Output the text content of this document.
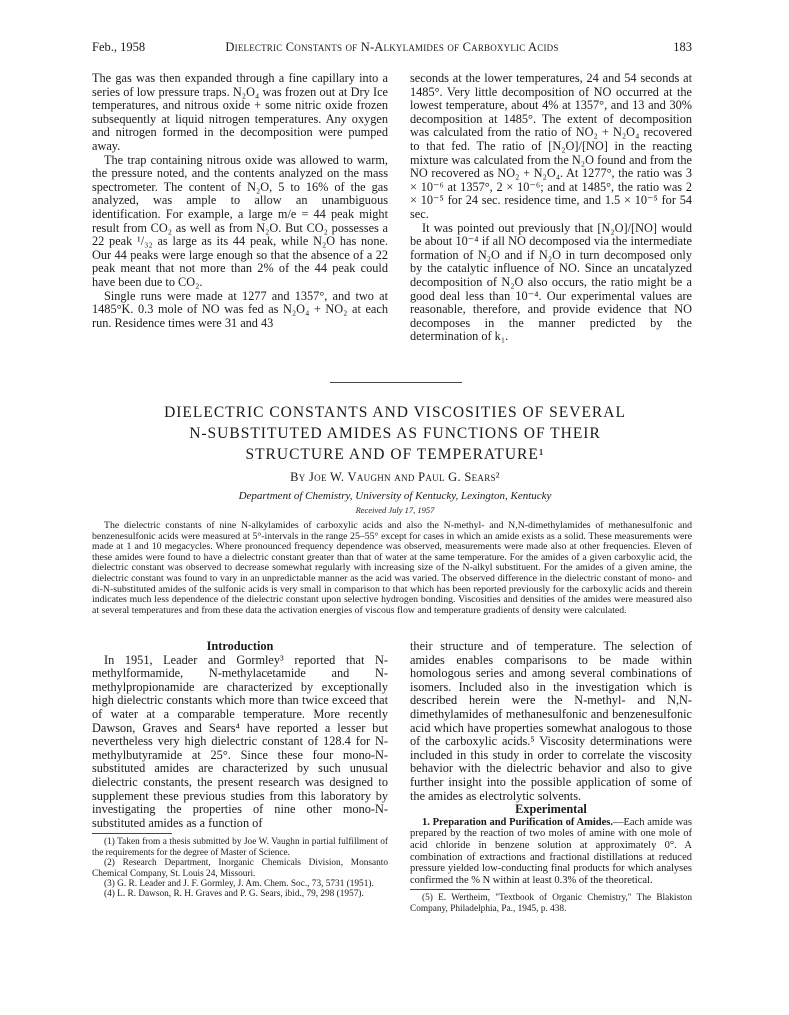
Feb., 1958	Dielectric Constants of N-Alkylamides of Carboxylic Acids	183

The gas was then expanded through a fine capillary into a series of low pressure traps. N₂O₄ was frozen out at Dry Ice temperatures, and nitrous oxide + some nitric oxide frozen subsequently at liquid nitrogen temperatures. Any oxygen and nitrogen formed in the decomposition were pumped away.

The trap containing nitrous oxide was allowed to warm, the pressure noted, and the contents analyzed on the mass spectrometer. The content of N₂O, 5 to 16% of the gas analyzed, was ample to allow an unambiguous identification. For example, a large m/e = 44 peak might result from CO₂ as well as from N₂O. But CO₂ possesses a 22 peak ¹/₃₂ as large as its 44 peak, while N₂O has none. Our 44 peaks were large enough so that the absence of a 22 peak meant that not more than 2% of the 44 peak could have been due to CO₂.

Single runs were made at 1277 and 1357°, and two at 1485°K. 0.3 mole of NO was fed as N₂O₄ + NO₂ at each run. Residence times were 31 and 43

seconds at the lower temperatures, 24 and 54 seconds at 1485°. Very little decomposition of NO occurred at the lowest temperature, about 4% at 1357°, and 13 and 30% decomposition at 1485°. The extent of decomposition was calculated from the ratio of NO₂ + N₂O₄ recovered to that fed. The ratio of [N₂O]/[NO] in the reacting mixture was calculated from the N₂O found and from the NO recovered as NO₂ + N₂O₄. At 1277°, the ratio was 3 × 10⁻⁶ at 1357°, 2 × 10⁻⁶; and at 1485°, the ratio was 2 × 10⁻⁵ for 24 sec. residence time, and 1.5 × 10⁻⁵ for 54 sec.

It was pointed out previously that [N₂O]/[NO] would be about 10⁻⁴ if all NO decomposed via the intermediate formation of N₂O and if N₂O in turn decomposed only by the catalytic influence of NO. Since an uncatalyzed decomposition of N₂O also occurs, the ratio might be a good deal less than 10⁻⁴. Our experimental values are reasonable, therefore, and provide evidence that NO decomposes in the manner predicted by the determination of k₁.

DIELECTRIC CONSTANTS AND VISCOSITIES OF SEVERAL
N-SUBSTITUTED AMIDES AS FUNCTIONS OF THEIR
STRUCTURE AND OF TEMPERATURE¹
By Joe W. Vaughn and Paul G. Sears²
Department of Chemistry, University of Kentucky, Lexington, Kentucky
Received July 17, 1957

The dielectric constants of nine N-alkylamides of carboxylic acids and also the N-methyl- and N,N-dimethylamides of methanesulfonic and benzenesulfonic acids were measured at 5°-intervals in the range 25–55° except for cases in which an amide exists as a solid. These measurements were made at 1 and 10 megacycles. Where pronounced frequency dependence was observed, measurements were made also at other frequencies. Eleven of these amides were found to have a dielectric constant greater than that of water at the same temperature. For the amides of a given carboxylic acid, the dielectric constant was observed to decrease somewhat regularly with increasing size of the N-alkyl substituent. For the amides of a given amine, the dielectric constant was found to vary in an unpredictable manner as the acid was varied. The observed difference in the dielectric constant of mono- and di-N-substituted amides of the sulfonic acids is very small in comparison to that which has been reported previously for the carboxylic acids and therein indicates much less dependence of the dielectric constant upon selective hydrogen bonding. Viscosities and densities of the amides were measured also at several temperatures and from these data the activation energies of viscous flow and temperature gradients of density were calculated.

Introduction

In 1951, Leader and Gormley³ reported that N-methylformamide, N-methylacetamide and N-methylpropionamide are characterized by exceptionally high dielectric constants which more than twice exceed that of water at a comparable temperature. More recently Dawson, Graves and Sears⁴ have reported a lesser but nevertheless very high dielectric constant of 128.4 for N-methylbutyramide at 25°. Since these four mono-N-substituted amides are characterized by such unusual dielectric constants, the present research was designed to supplement these previous studies from this laboratory by investigating the properties of nine other mono-N-substituted amides as a function of

(1) Taken from a thesis submitted by Joe W. Vaughn in partial fulfillment of the requirements for the degree of Master of Science.

(2) Research Department, Inorganic Chemicals Division, Monsanto Chemical Company, St. Louis 24, Missouri.

(3) G. R. Leader and J. F. Gormley, J. Am. Chem. Soc., 73, 5731 (1951).

(4) L. R. Dawson, R. H. Graves and P. G. Sears, ibid., 79, 298 (1957).

their structure and of temperature. The selection of amides enables comparisons to be made within homologous series and among several combinations of isomers. Included also in the investigation which is described herein were the N-methyl- and N,N-dimethylamides of methanesulfonic and benzenesulfonic acid which have properties somewhat analogous to those of the carboxylic acids.⁵ Viscosity determinations were included in this study in order to correlate the viscosity behavior with the dielectric behavior and also to give further insight into the possible application of some of the amides as electrolytic solvents.

Experimental

1. Preparation and Purification of Amides.—Each amide was prepared by the reaction of two moles of amine with one mole of acid chloride in benzene solution at approximately 0°. A combination of extractions and fractional distillations at reduced pressure yielded low-conducting final products for which analyses confirmed the % N within at least 0.3% of the theoretical.

(5) E. Wertheim, "Textbook of Organic Chemistry," The Blakiston Company, Philadelphia, Pa., 1945, p. 438.
